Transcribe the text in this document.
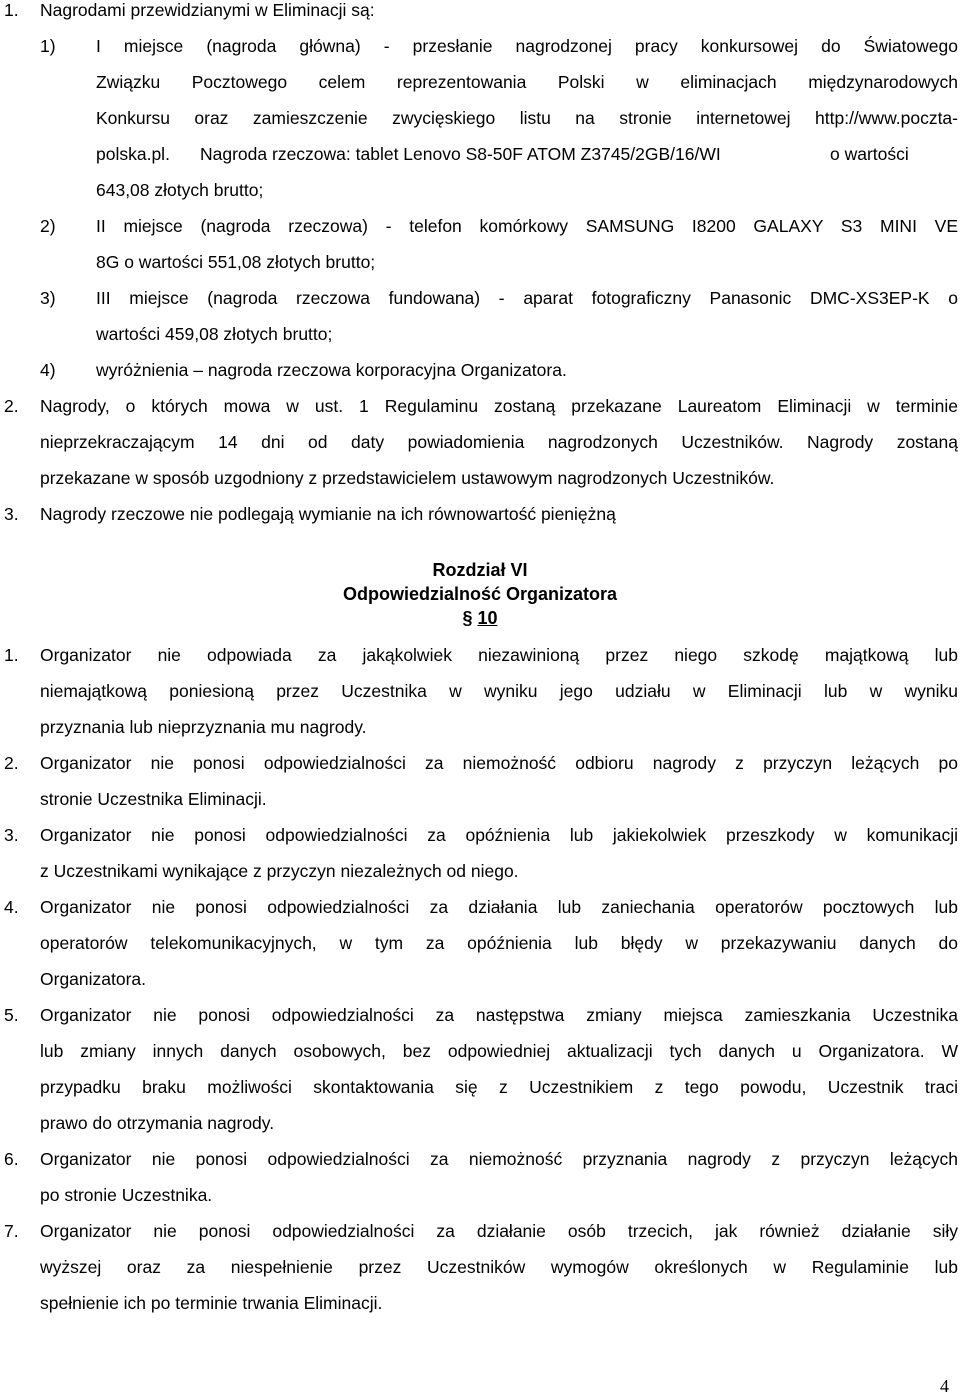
1. Nagrodami przewidzianymi w Eliminacji są:
1) I miejsce (nagroda główna) - przesłanie nagrodzonej pracy konkursowej do Światowego
Związku Pocztowego celem reprezentowania Polski w eliminacjach międzynarodowych
Konkursu oraz zamieszczenie zwycięskiego listu na stronie internetowej http://www.poczta-
polska.pl. Nagroda rzeczowa: tablet Lenovo S8-50F ATOM Z3745/2GB/16/WI	o wartości
643,08 złotych brutto;
2) II miejsce (nagroda rzeczowa) - telefon komórkowy SAMSUNG I8200 GALAXY S3 MINI VE
8G o wartości 551,08 złotych brutto;
3) III miejsce (nagroda rzeczowa fundowana) - aparat fotograficzny Panasonic DMC-XS3EP-K o
wartości 459,08 złotych brutto;
4) wyróżnienia – nagroda rzeczowa korporacyjna Organizatora.
2. Nagrody, o których mowa w ust. 1 Regulaminu zostaną przekazane Laureatom Eliminacji w terminie
nieprzekraczającym 14 dni od daty powiadomienia nagrodzonych Uczestników. Nagrody zostaną
przekazane w sposób uzgodniony z przedstawicielem ustawowym nagrodzonych Uczestników.
3. Nagrody rzeczowe nie podlegają wymianie na ich równowartość pieniężną
Rozdział VI
Odpowiedzialność Organizatora
§ 10
1. Organizator nie odpowiada za jakąkolwiek niezawinioną przez niego szkodę majątkową lub
niemajątkową poniesioną przez Uczestnika w wyniku jego udziału w Eliminacji lub w wyniku
przyznania lub nieprzyznania mu nagrody.
2. Organizator nie ponosi odpowiedzialności za niemożność odbioru nagrody z przyczyn leżących po
stronie Uczestnika Eliminacji.
3. Organizator nie ponosi odpowiedzialności za opóźnienia lub jakiekolwiek przeszkody w komunikacji
z Uczestnikami wynikające z przyczyn niezależnych od niego.
4. Organizator nie ponosi odpowiedzialności za działania lub zaniechania operatorów pocztowych lub
operatorów telekomunikacyjnych, w tym za opóźnienia lub błędy w przekazywaniu danych do
Organizatora.
5. Organizator nie ponosi odpowiedzialności za następstwa zmiany miejsca zamieszkania Uczestnika
lub zmiany innych danych osobowych, bez odpowiedniej aktualizacji tych danych u Organizatora. W
przypadku braku możliwości skontaktowania się z Uczestnikiem z tego powodu, Uczestnik traci
prawo do otrzymania nagrody.
6. Organizator nie ponosi odpowiedzialności za niemożność przyznania nagrody z przyczyn leżących
po stronie Uczestnika.
7. Organizator nie ponosi odpowiedzialności za działanie osób trzecich, jak również działanie siły
wyższej oraz za niespełnienie przez Uczestników wymogów określonych w Regulaminie lub
spełnienie ich po terminie trwania Eliminacji.
4
